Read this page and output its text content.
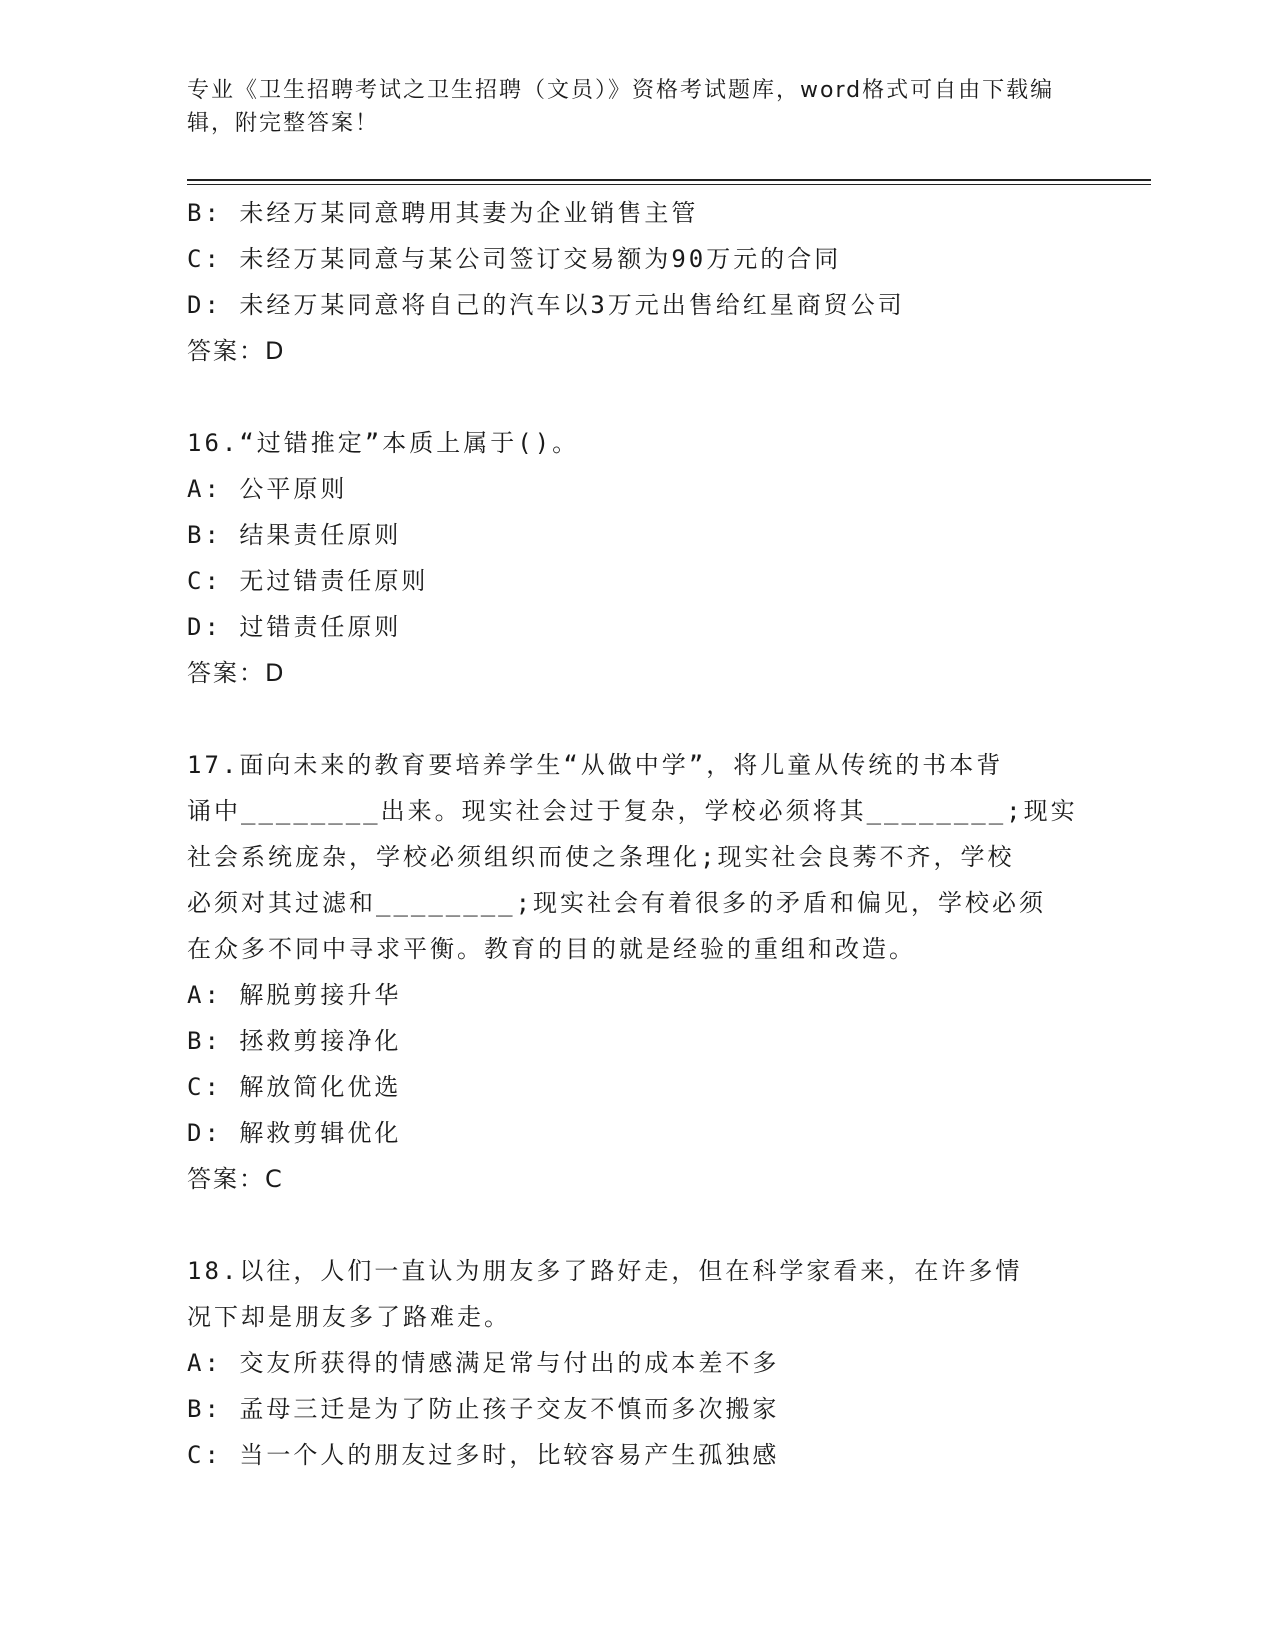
专业《卫生招聘考试之卫生招聘（文员）》资格考试题库，word格式可自由下载编辑，附完整答案！
B: 未经万某同意聘用其妻为企业销售主管
C: 未经万某同意与某公司签订交易额为90万元的合同
D: 未经万某同意将自己的汽车以3万元出售给红星商贸公司
答案：D
16.“过错推定”本质上属于()。
A: 公平原则
B: 结果责任原则
C: 无过错责任原则
D: 过错责任原则
答案：D
17.面向未来的教育要培养学生“从做中学”，将儿童从传统的书本背
诵中________出来。现实社会过于复杂，学校必须将其________;现实
社会系统庞杂，学校必须组织而使之条理化;现实社会良莠不齐，学校
必须对其过滤和________;现实社会有着很多的矛盾和偏见，学校必须
在众多不同中寻求平衡。教育的目的就是经验的重组和改造。
A: 解脱剪接升华
B: 拯救剪接净化
C: 解放简化优选
D: 解救剪辑优化
答案：C
18.以往，人们一直认为朋友多了路好走，但在科学家看来，在许多情
况下却是朋友多了路难走。
A: 交友所获得的情感满足常与付出的成本差不多
B: 孟母三迁是为了防止孩子交友不慎而多次搬家
C: 当一个人的朋友过多时，比较容易产生孤独感
